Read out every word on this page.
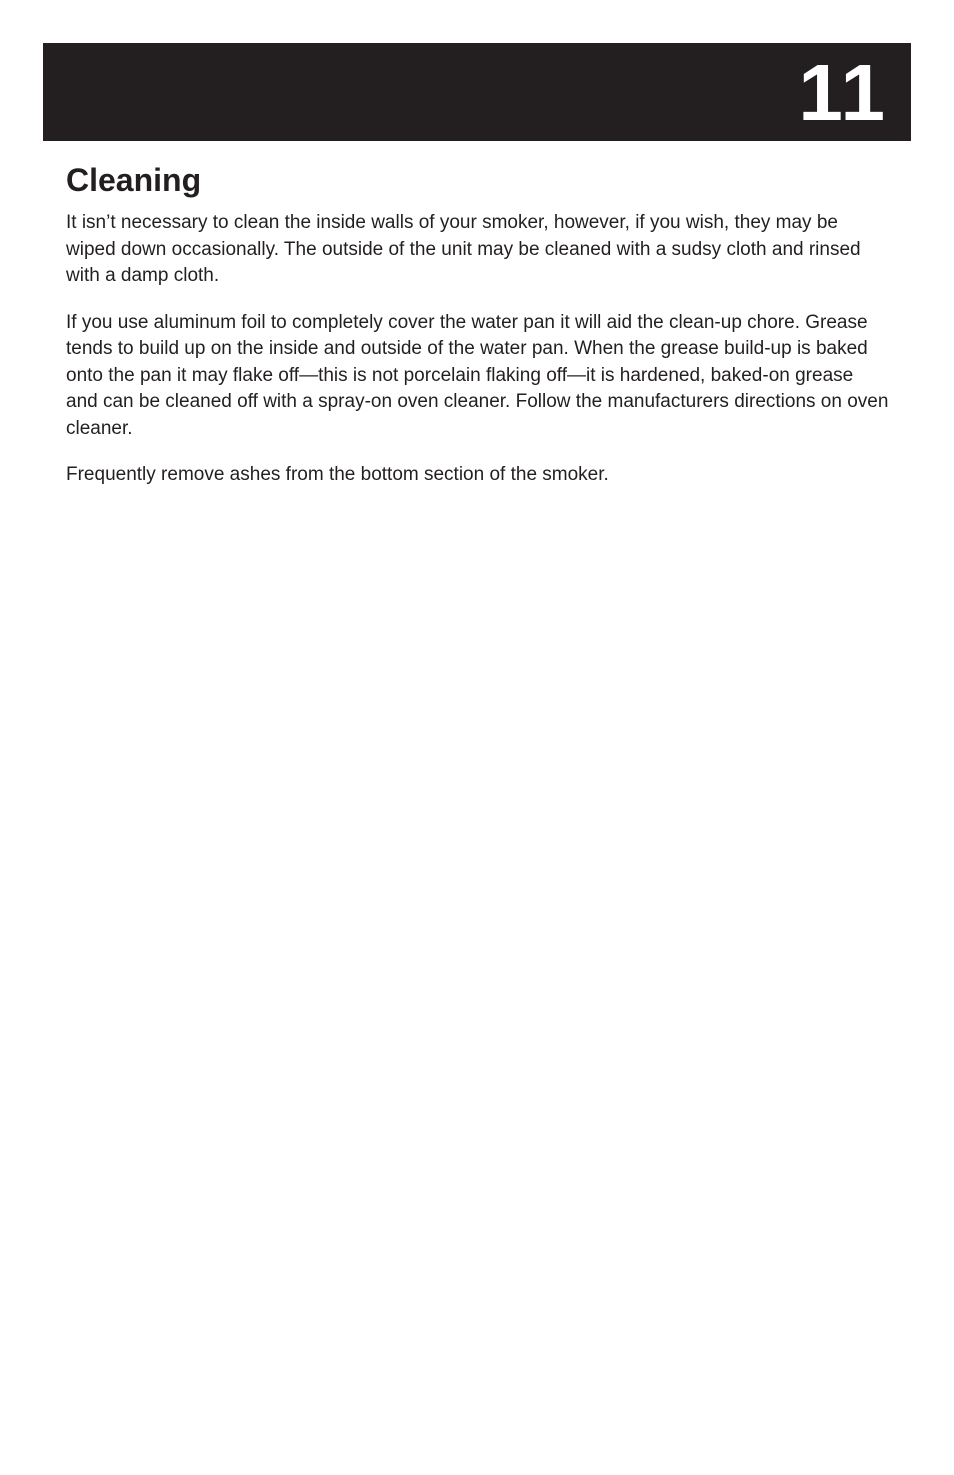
11
Cleaning

It isn’t necessary to clean the inside walls of your smoker, however, if you wish, they may be wiped down occasionally. The outside of the unit may be cleaned with a sudsy cloth and rinsed with a damp cloth.

If you use aluminum foil to completely cover the water pan it will aid the clean-up chore. Grease tends to build up on the inside and outside of the water pan. When the grease build-up is baked onto the pan it may flake off—this is not porcelain flaking off—it is hardened, baked-on grease and can be cleaned off with a spray-on oven cleaner. Follow the manufacturers directions on oven cleaner.

Frequently remove ashes from the bottom section of the smoker.
